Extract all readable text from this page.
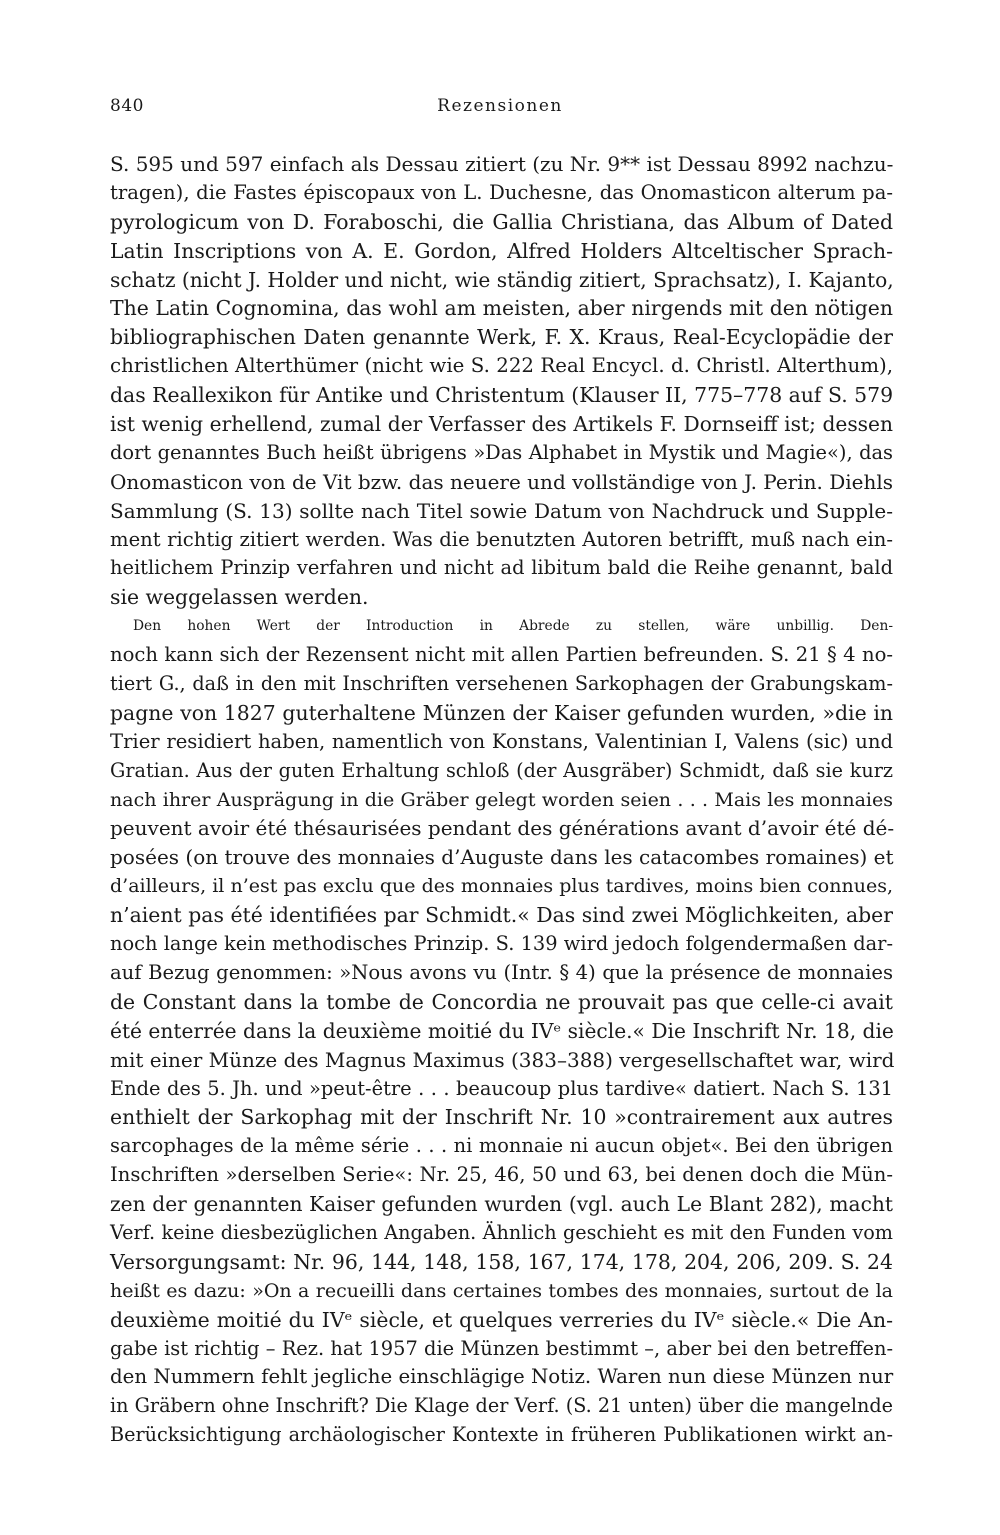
840	Rezensionen
S. 595 und 597 einfach als Dessau zitiert (zu Nr. 9** ist Dessau 8992 nachzu-
tragen), die Fastes épiscopaux von L. Duchesne, das Onomasticon alterum pa-
pyrologicum von D. Foraboschi, die Gallia Christiana, das Album of Dated
Latin Inscriptions von A. E. Gordon, Alfred Holders Altceltischer Sprach-
schatz (nicht J. Holder und nicht, wie ständig zitiert, Sprachsatz), I. Kajanto,
The Latin Cognomina, das wohl am meisten, aber nirgends mit den nötigen
bibliographischen Daten genannte Werk, F. X. Kraus, Real-Ecyclopädie der
christlichen Alterthümer (nicht wie S. 222 Real Encycl. d. Christl. Alterthum),
das Reallexikon für Antike und Christentum (Klauser II, 775–778 auf S. 579
ist wenig erhellend, zumal der Verfasser des Artikels F. Dornseiff ist; dessen
dort genanntes Buch heißt übrigens »Das Alphabet in Mystik und Magie«), das
Onomasticon von de Vit bzw. das neuere und vollständige von J. Perin. Diehls
Sammlung (S. 13) sollte nach Titel sowie Datum von Nachdruck und Supple-
ment richtig zitiert werden. Was die benutzten Autoren betrifft, muß nach ein-
heitlichem Prinzip verfahren und nicht ad libitum bald die Reihe genannt, bald
sie weggelassen werden.
Den hohen Wert der Introduction in Abrede zu stellen, wäre unbillig. Den-
noch kann sich der Rezensent nicht mit allen Partien befreunden. S. 21 § 4 no-
tiert G., daß in den mit Inschriften versehenen Sarkophagen der Grabungskam-
pagne von 1827 guterhaltene Münzen der Kaiser gefunden wurden, »die in
Trier residiert haben, namentlich von Konstans, Valentinian I, Valens (sic) und
Gratian. Aus der guten Erhaltung schloß (der Ausgräber) Schmidt, daß sie kurz
nach ihrer Ausprägung in die Gräber gelegt worden seien . . . Mais les monnaies
peuvent avoir été thésaurisées pendant des générations avant d’avoir été dé-
posées (on trouve des monnaies d’Auguste dans les catacombes romaines) et
d’ailleurs, il n’est pas exclu que des monnaies plus tardives, moins bien connues,
n’aient pas été identifiées par Schmidt.« Das sind zwei Möglichkeiten, aber
noch lange kein methodisches Prinzip. S. 139 wird jedoch folgendermaßen dar-
auf Bezug genommen: »Nous avons vu (Intr. § 4) que la présence de monnaies
de Constant dans la tombe de Concordia ne prouvait pas que celle-ci avait
été enterrée dans la deuxième moitié du IVᵉ siècle.« Die Inschrift Nr. 18, die
mit einer Münze des Magnus Maximus (383–388) vergesellschaftet war, wird
Ende des 5. Jh. und »peut-être . . . beaucoup plus tardive« datiert. Nach S. 131
enthielt der Sarkophag mit der Inschrift Nr. 10 »contrairement aux autres
sarcophages de la même série . . . ni monnaie ni aucun objet«. Bei den übrigen
Inschriften »derselben Serie«: Nr. 25, 46, 50 und 63, bei denen doch die Mün-
zen der genannten Kaiser gefunden wurden (vgl. auch Le Blant 282), macht
Verf. keine diesbezüglichen Angaben. Ähnlich geschieht es mit den Funden vom
Versorgungsamt: Nr. 96, 144, 148, 158, 167, 174, 178, 204, 206, 209. S. 24
heißt es dazu: »On a recueilli dans certaines tombes des monnaies, surtout de la
deuxième moitié du IVᵉ siècle, et quelques verreries du IVᵉ siècle.« Die An-
gabe ist richtig – Rez. hat 1957 die Münzen bestimmt –, aber bei den betreffen-
den Nummern fehlt jegliche einschlägige Notiz. Waren nun diese Münzen nur
in Gräbern ohne Inschrift? Die Klage der Verf. (S. 21 unten) über die mangelnde
Berücksichtigung archäologischer Kontexte in früheren Publikationen wirkt an-
